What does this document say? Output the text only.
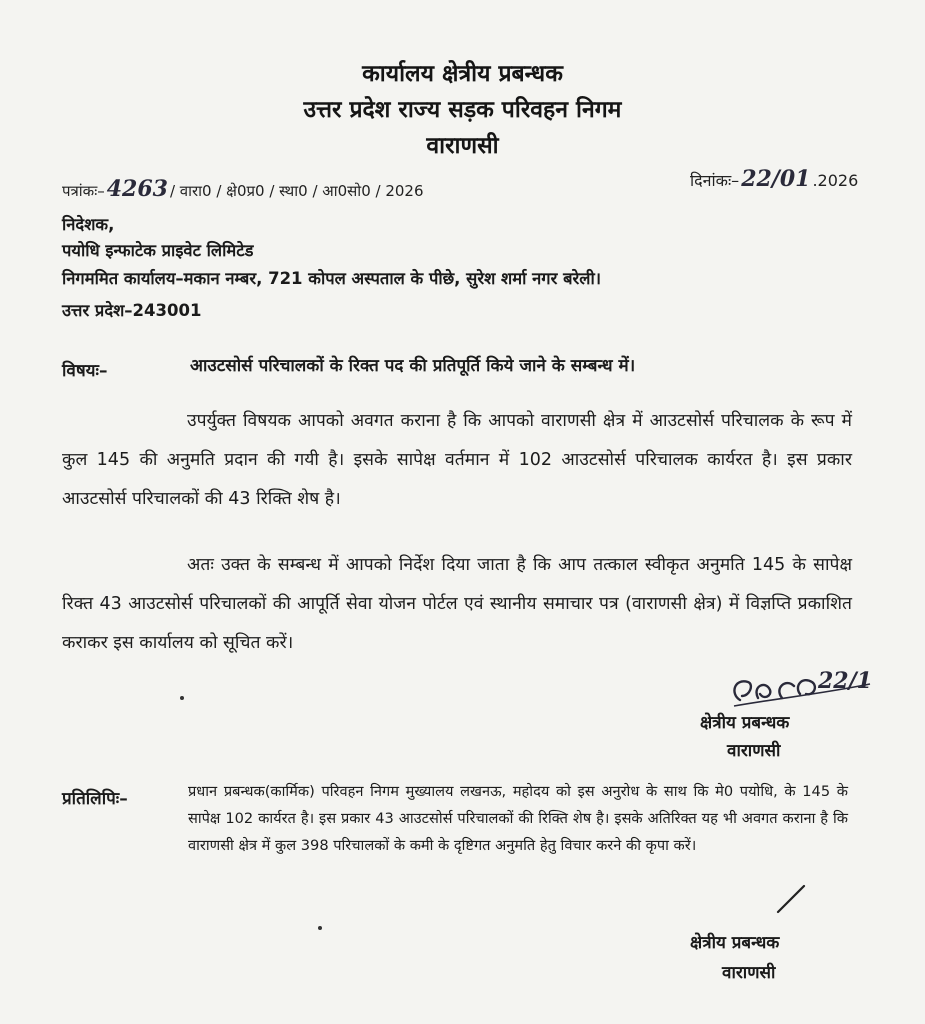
कार्यालय क्षेत्रीय प्रबन्धक
उत्तर प्रदेश राज्य सड़क परिवहन निगम
वाराणसी
पत्रांकः–4263 / वारा0 / क्षे0प्र0 / स्था0 / आ0सो0 / 2026
दिनांकः–22/01 .2026
निदेशक,
पयोधि इन्फाटेक प्राइवेट लिमिटेड
निगममित कार्यालय–मकान नम्बर, 721 कोपल अस्पताल के पीछे, सुरेश शर्मा नगर बरेली।
उत्तर प्रदेश–243001
विषयः–	आउटसोर्स परिचालकों के रिक्त पद की प्रतिपूर्ति किये जाने के सम्बन्ध में।
उपर्युक्त विषयक आपको अवगत कराना है कि आपको वाराणसी क्षेत्र में आउटसोर्स परिचालक के रूप में कुल 145 की अनुमति प्रदान की गयी है। इसके सापेक्ष वर्तमान में 102 आउटसोर्स परिचालक कार्यरत है। इस प्रकार आउटसोर्स परिचालकों की 43 रिक्ति शेष है।
अतः उक्त के सम्बन्ध में आपको निर्देश दिया जाता है कि आप तत्काल स्वीकृत अनुमति 145 के सापेक्ष रिक्त 43 आउटसोर्स परिचालकों की आपूर्ति सेवा योजन पोर्टल एवं स्थानीय समाचार पत्र (वाराणसी क्षेत्र) में विज्ञप्ति प्रकाशित कराकर इस कार्यालय को सूचित करें।
22/1
क्षेत्रीय प्रबन्धक
वाराणसी
प्रतिलिपिः–	प्रधान प्रबन्धक(कार्मिक) परिवहन निगम मुख्यालय लखनऊ, महोदय को इस अनुरोध के साथ कि मे0 पयोधि, के 145 के सापेक्ष 102 कार्यरत है। इस प्रकार 43 आउटसोर्स परिचालकों की रिक्ति शेष है। इसके अतिरिक्त यह भी अवगत कराना है कि वाराणसी क्षेत्र में कुल 398 परिचालकों के कमी के दृष्टिगत अनुमति हेतु विचार करने की कृपा करें।
क्षेत्रीय प्रबन्धक
वाराणसी
